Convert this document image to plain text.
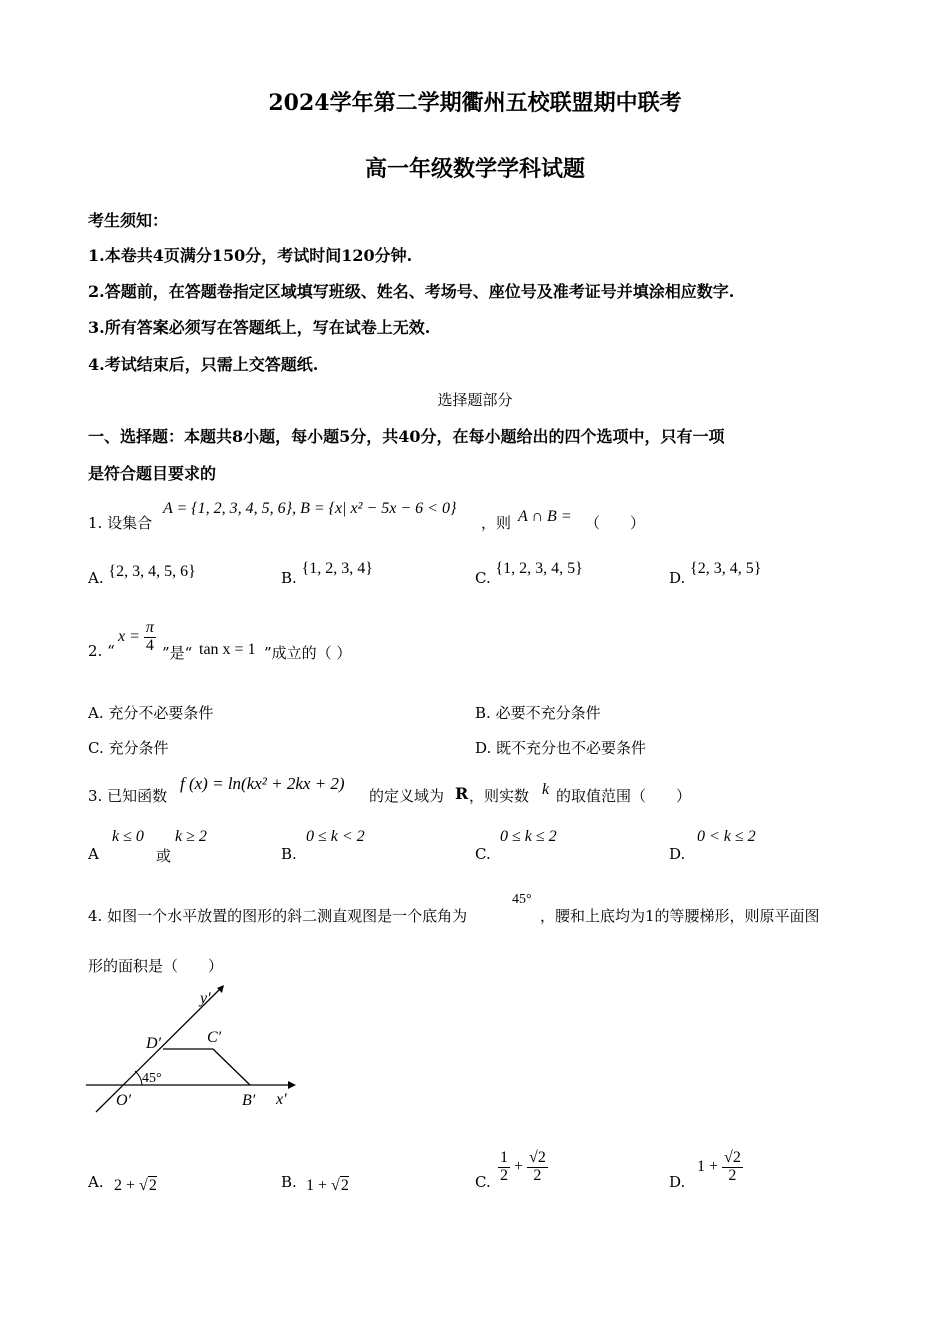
2024学年第二学期衢州五校联盟期中联考
高一年级数学学科试题
考生须知：
1.本卷共4页满分150分，考试时间120分钟.
2.答题前，在答题卷指定区域填写班级、姓名、考场号、座位号及准考证号并填涂相应数字.
3.所有答案必须写在答题纸上，写在试卷上无效.
4.考试结束后，只需上交答题纸.
选择题部分
一、选择题：本题共8小题，每小题5分，共40分，在每小题给出的四个选项中，只有一项
是符合题目要求的
1. 设集合
A = {1, 2, 3, 4, 5, 6}, B = {x| x² − 5x − 6 < 0}
，则 A ∩ B = （　　）
A. {2, 3, 4, 5, 6}	B. {1, 2, 3, 4}
C. {1, 2, 3, 4, 5}
D. {2, 3, 4, 5}
2. “
$x = \frac{\pi}{4}$ ”是“ tan x = 1 ”成立的（ ）
A. 充分不必要条件	B. 必要不充分条件
C. 充分条件	D. 既不充分也不必要条件
3. 已知函数
f (x) = ln(kx² + 2kx + 2)
的定义域为 R ，则实数 k 的取值范围（　　）
A
k ≤ 0
或
k ≥ 2
B.
0 ≤ k < 2
C.
0 ≤ k ≤ 2
D.
0 < k ≤ 2
4. 如图一个水平放置的图形的斜二测直观图是一个底角为
45°
，腰和上底均为1的等腰梯形，则原平面图
形的面积是（　　）
y′
x′
D′	C′
O′	B′
45°
A. 2 + √2	B. 1 + √2	C. $\frac{1}{2} + \frac{√2}{2}$	D.
$1 + \frac{√2}{2}$
